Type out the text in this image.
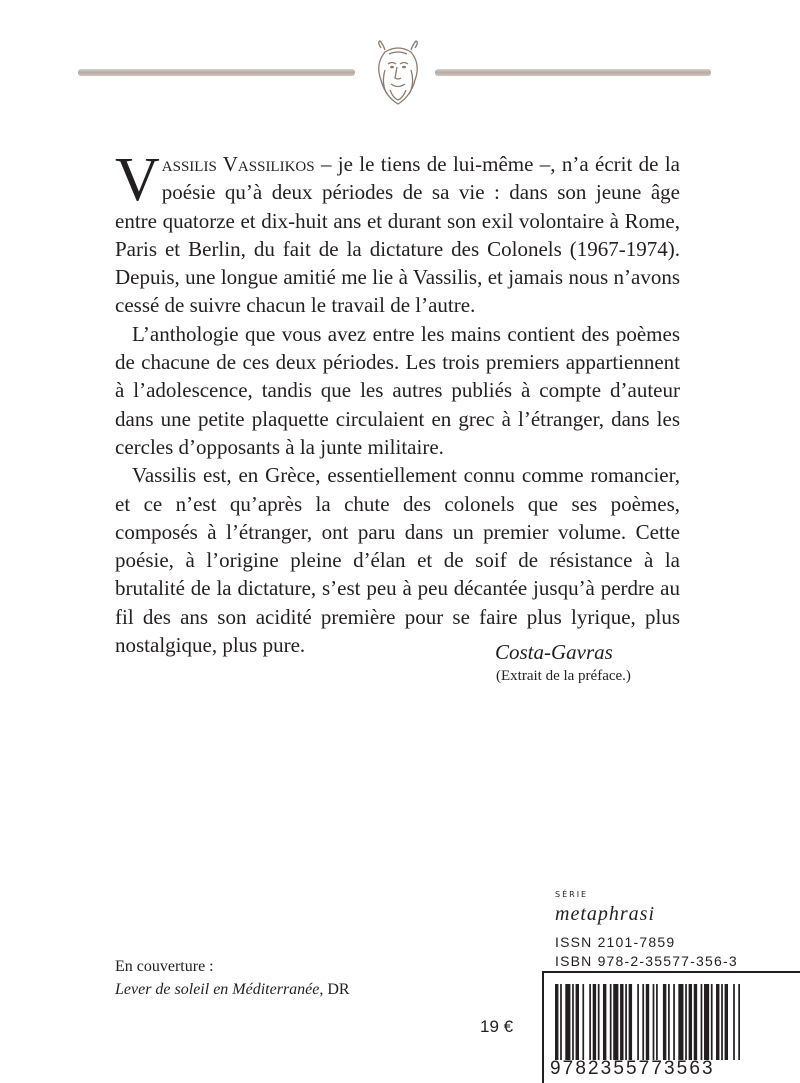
Vassilis Vassilikos – je le tiens de lui-même –, n’a écrit de la poésie qu’à deux périodes de sa vie : dans son jeune âge entre quatorze et dix-huit ans et durant son exil volontaire à Rome, Paris et Berlin, du fait de la dictature des Colonels (1967-1974). Depuis, une longue amitié me lie à Vassilis, et jamais nous n’avons cessé de suivre chacun le travail de l’autre.

L’anthologie que vous avez entre les mains contient des poèmes de chacune de ces deux périodes. Les trois premiers appartiennent à l’adolescence, tandis que les autres publiés à compte d’auteur dans une petite plaquette circulaient en grec à l’étranger, dans les cercles d’opposants à la junte militaire.

Vassilis est, en Grèce, essentiellement connu comme romancier, et ce n’est qu’après la chute des colonels que ses poèmes, composés à l’étranger, ont paru dans un premier volume. Cette poésie, à l’origine pleine d’élan et de soif de résistance à la brutalité de la dictature, s’est peu à peu décantée jusqu’à perdre au fil des ans son acidité première pour se faire plus lyrique, plus nostalgique, plus pure.	Costa-Gavras
(Extrait de la préface.)
En couverture :
Lever de soleil en Méditerranée, DR
SÉRIE
metaphrasi
ISSN 2101-7859
ISBN 978-2-35577-356-3
19 €
9782355773563
